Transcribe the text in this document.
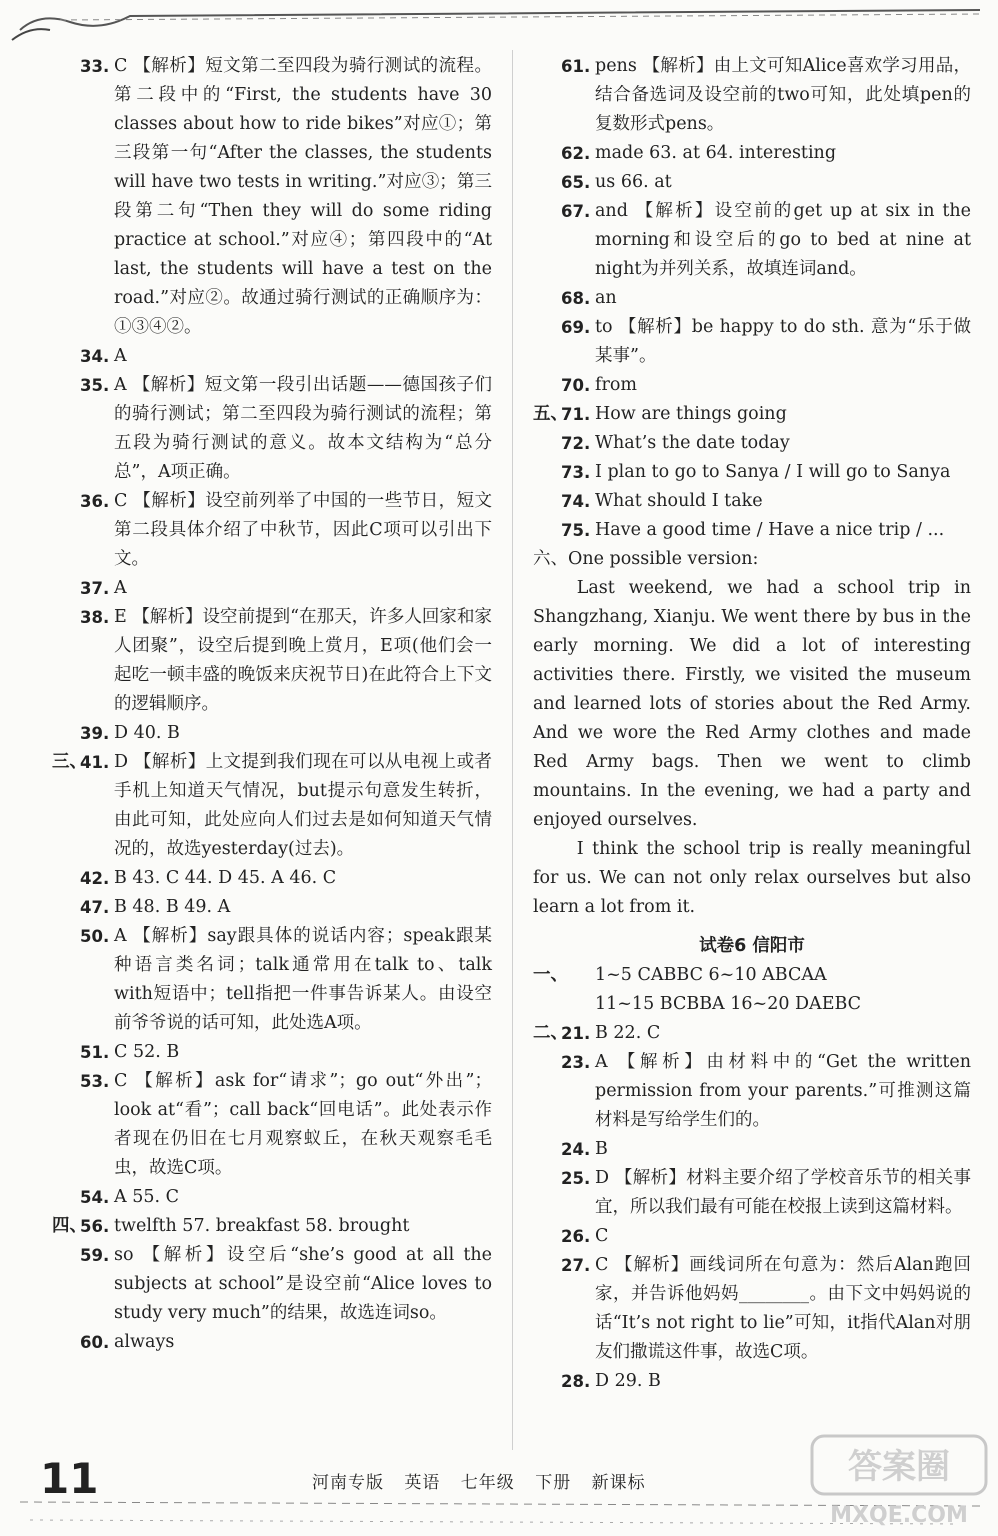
33. C 【解析】短文第二至四段为骑行测试的流程。第二段中的“First, the students have 30 classes about how to ride bikes”对应①；第三段第一句“After the classes, the students will have two tests in writing.”对应③；第三段第二句“Then they will do some riding practice at school.”对应④；第四段中的“At last, the students will have a test on the road.”对应②。故通过骑行测试的正确顺序为：①③④②。
34. A
35. A 【解析】短文第一段引出话题——德国孩子们的骑行测试；第二至四段为骑行测试的流程；第五段为骑行测试的意义。故本文结构为“总分总”，A项正确。
36. C 【解析】设空前列举了中国的一些节日，短文第二段具体介绍了中秋节，因此C项可以引出下文。
37. A
38. E 【解析】设空前提到“在那天，许多人回家和家人团聚”，设空后提到晚上赏月，E项(他们会一起吃一顿丰盛的晚饭来庆祝节日)在此符合上下文的逻辑顺序。
39. D 40. B
三、
41. D 【解析】上文提到我们现在可以从电视上或者手机上知道天气情况，but提示句意发生转折，由此可知，此处应向人们过去是如何知道天气情况的，故选yesterday(过去)。
42. B 43. C 44. D 45. A 46. C
47. B 48. B 49. A
50. A 【解析】say跟具体的说话内容；speak跟某种语言类名词；talk通常用在talk to、talk with短语中；tell指把一件事告诉某人。由设空前爷爷说的话可知，此处选A项。
51. C 52. B
53. C 【解析】ask for“请求”；go out“外出”；look at“看”；call back“回电话”。此处表示作者现在仍旧在七月观察蚁丘，在秋天观察毛毛虫，故选C项。
54. A 55. C
四、
56. twelfth 57. breakfast 58. brought
59. so 【解析】设空后“she’s good at all the subjects at school”是设空前“Alice loves to study very much”的结果，故选连词so。
60. always
61. pens 【解析】由上文可知Alice喜欢学习用品，结合备选词及设空前的two可知，此处填pen的复数形式pens。
62. made 63. at 64. interesting
65. us 66. at
67. and 【解析】设空前的get up at six in the morning和设空后的go to bed at nine at night为并列关系，故填连词and。
68. an
69. to 【解析】be happy to do sth. 意为“乐于做某事”。
70. from
五、
71. How are things going
72. What’s the date today
73. I plan to go to Sanya / I will go to Sanya
74. What should I take
75. Have a good time / Have a nice trip / ...

六、One possible version:

Last weekend, we had a school trip in Shangzhang, Xianju. We went there by bus in the early morning. We did a lot of interesting activities there. Firstly, we visited the museum and learned lots of stories about the Red Army. And we wore the Red Army clothes and made Red Army bags. Then we went to climb mountains. In the evening, we had a party and enjoyed ourselves.

I think the school trip is really meaningful for us. We can not only relax ourselves but also learn a lot from it.

试卷6 信阳市
一、 1~5 CABBC 6~10 ABCAA
11~15 BCBBA 16~20 DAEBC
二、
21. B 22. C
23. A 【解析】由材料中的“Get the written permission from your parents.”可推测这篇材料是写给学生们的。
24. B
25. D 【解析】材料主要介绍了学校音乐节的相关事宜，所以我们最有可能在校报上读到这篇材料。
26. C
27. C 【解析】画线词所在句意为：然后Alan跑回家，并告诉他妈妈________。由下文中妈妈说的话“It’s not right to lie”可知，it指代Alan对朋友们撒谎这件事，故选C项。
28. D 29. B
11	河南专版 英语 七年级 下册 新课标	答案圈
MXQE.COM
